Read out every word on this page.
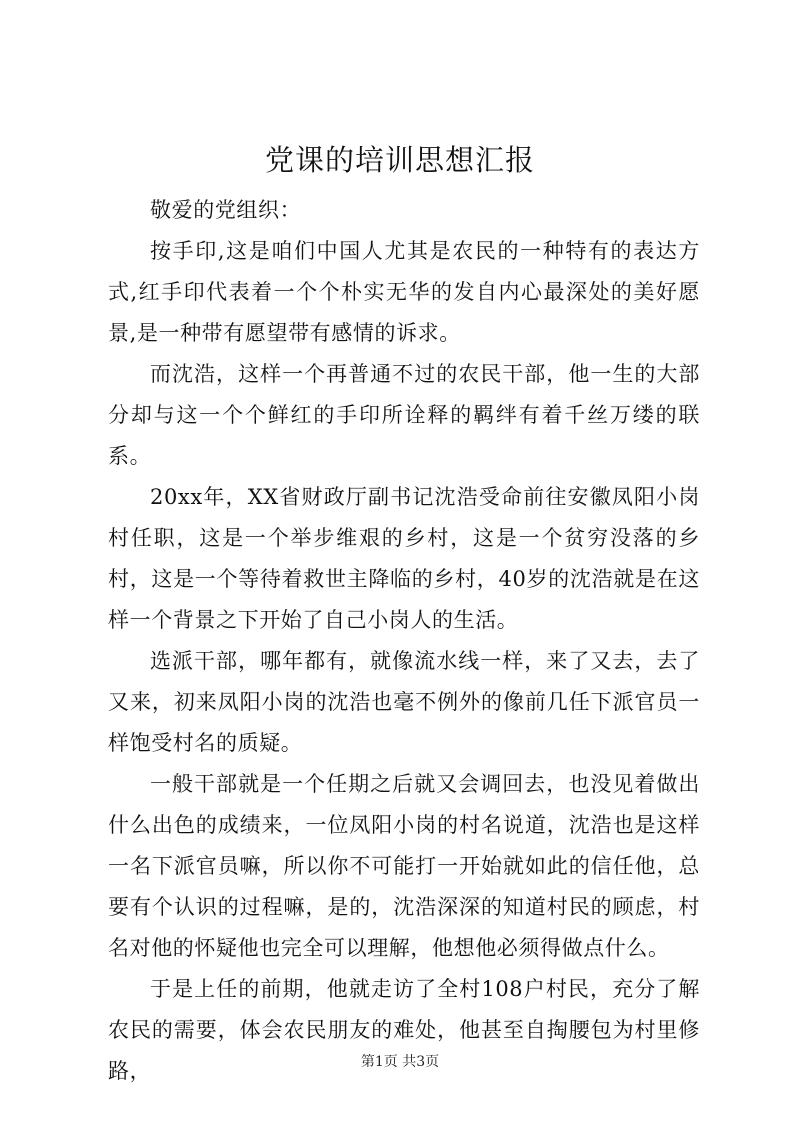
党课的培训思想汇报

敬爱的党组织：

按手印,这是咱们中国人尤其是农民的一种特有的表达方式,红手印代表着一个个朴实无华的发自内心最深处的美好愿景,是一种带有愿望带有感情的诉求。

而沈浩，这样一个再普通不过的农民干部，他一生的大部分却与这一个个鲜红的手印所诠释的羁绊有着千丝万缕的联系。

20xx年，XX省财政厅副书记沈浩受命前往安徽凤阳小岗村任职，这是一个举步维艰的乡村，这是一个贫穷没落的乡村，这是一个等待着救世主降临的乡村，40岁的沈浩就是在这样一个背景之下开始了自己小岗人的生活。

选派干部，哪年都有，就像流水线一样，来了又去，去了又来，初来凤阳小岗的沈浩也毫不例外的像前几任下派官员一样饱受村名的质疑。

一般干部就是一个任期之后就又会调回去，也没见着做出什么出色的成绩来，一位凤阳小岗的村名说道，沈浩也是这样一名下派官员嘛，所以你不可能打一开始就如此的信任他，总要有个认识的过程嘛，是的，沈浩深深的知道村民的顾虑，村名对他的怀疑他也完全可以理解，他想他必须得做点什么。

于是上任的前期，他就走访了全村108户村民，充分了解农民的需要，体会农民朋友的难处，他甚至自掏腰包为村里修路，	第1页 共3页
